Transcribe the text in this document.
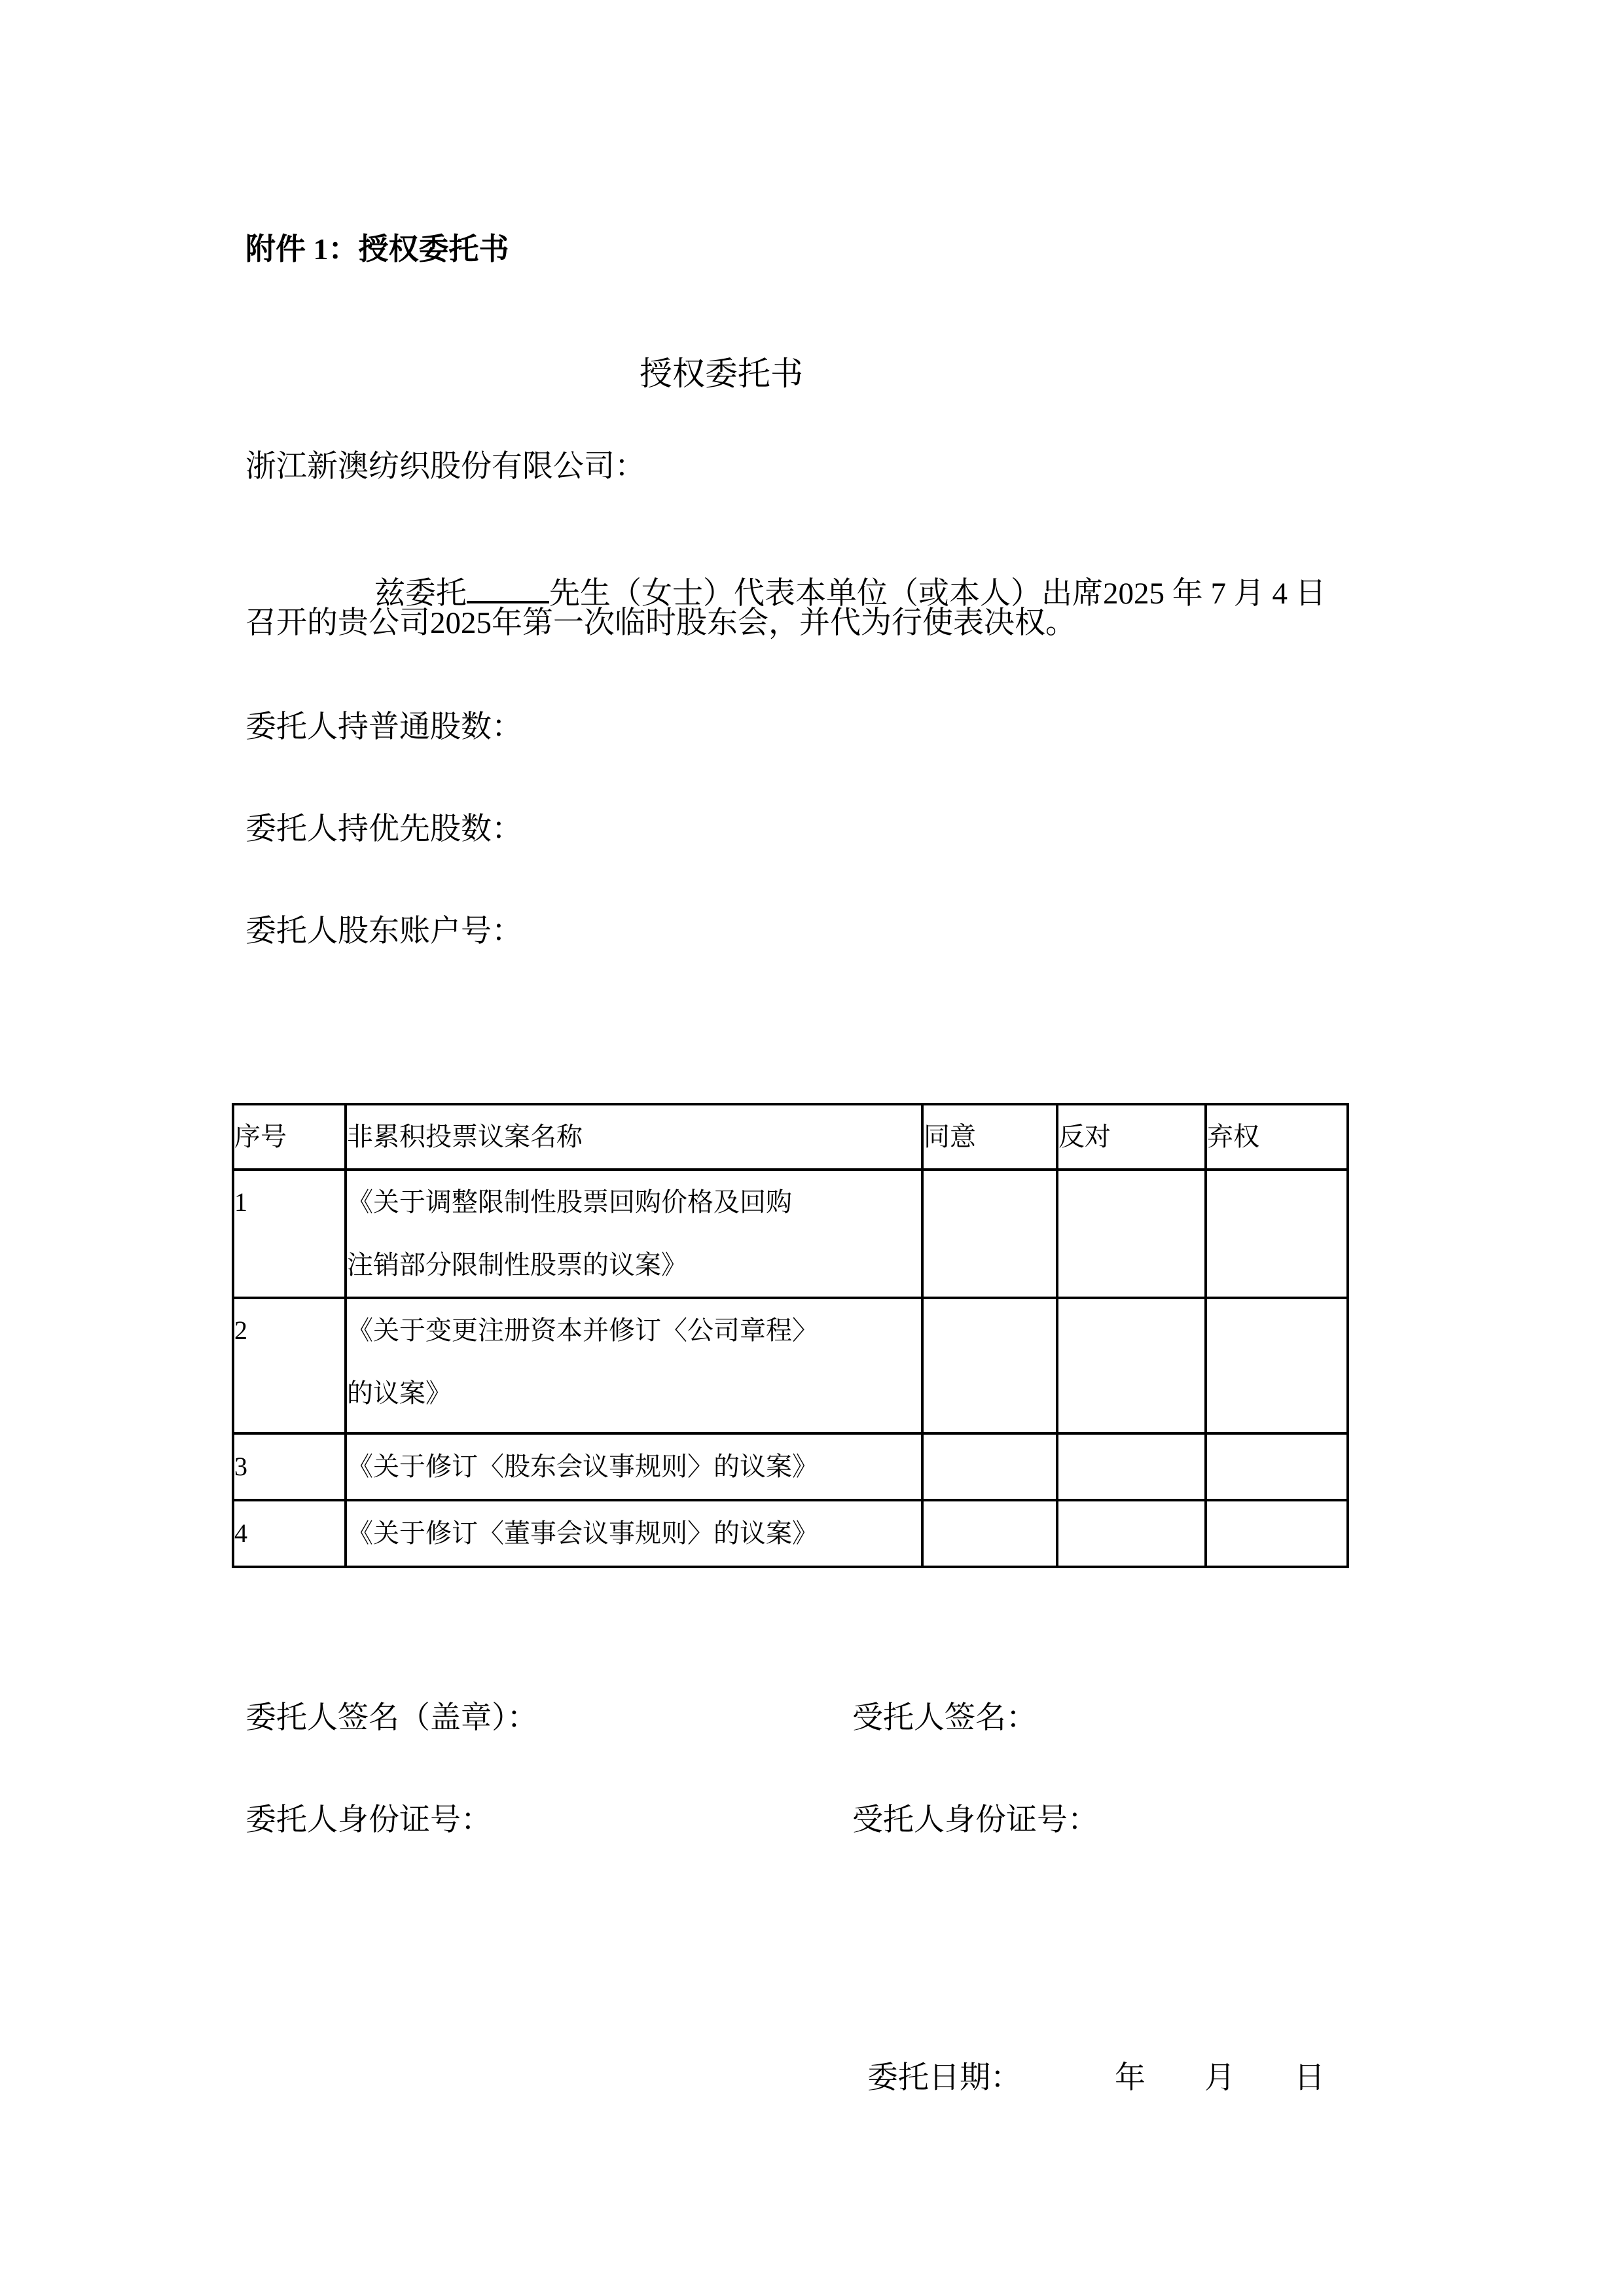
附件 1：授权委托书
授权委托书
浙江新澳纺织股份有限公司：

兹委托	先生（女士）代表本单位（或本人）出席2025 年 7 月 4 日

召开的贵公司2025年第一次临时股东会，并代为行使表决权。
委托人持普通股数：
委托人持优先股数：
委托人股东账户号：
序号	非累积投票议案名称	同意	反对	弃权
1	《关于调整限制性股票回购价格及回购
注销部分限制性股票的议案》			

2	《关于变更注册资本并修订〈公司章程〉
的议案》			

3	《关于修订〈股东会议事规则〉的议案》			
4	《关于修订〈董事会议事规则〉的议案》			
委托人签名（盖章）：	受托人签名：
委托人身份证号：	受托人身份证号：

委托日期：	年 月 日
